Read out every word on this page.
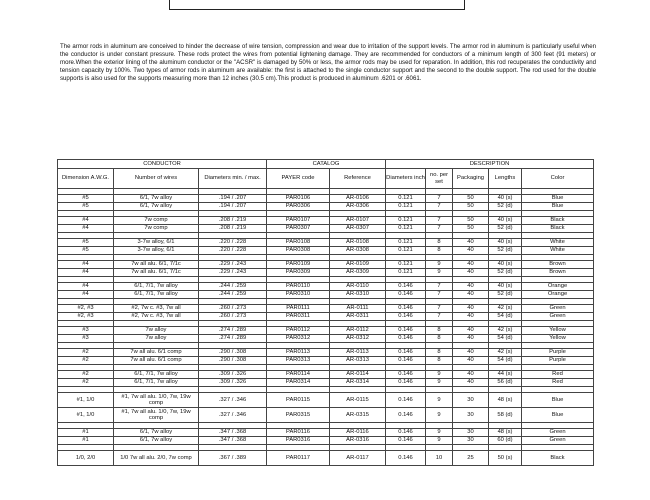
The armor rods in aluminum are conceived to hinder the decrease of wire tension, compression and wear due to irritation of the support levels. The armor rod in aluminum is particularly useful when the conductor is under constant pressure. These rods protect the wires from potential lightening damage. They are recommended for conductors of a minimum length of 300 feet (91 meters) or more.When the exterior lining of the aluminum conductor or the "ACSR" is damaged by 50% or less, the armor rods may be used for reparation. In addition, this rod recuperates the conductivity and tension capacity by 100%. Two types of armor rods in aluminum are available: the first is attached to the single conductor support and the second to the double support. The rod used for the double supports is also used for the supports measuring more than 12 inches (30.5 cm).This product is produced in aluminum .6201 or .6061.

CONDUCTOR			CATALOG		DESCRIPTION				
Dimension A.W.G.	Number of wires	Diameters min. / max.	PAYER code	Reference	Diameters inch	no. per set	Packaging	Lengths	Color

#5	6/1, 7w alloy	.194 / .207	PAR0106	AR-0106	0.121	7	50	40 (s)	Blue
#5	6/1, 7w alloy	.194 / .207	PAR0306	AR-0306	0.121	7	50	52 (d)	Blue

#4	7w comp	.208 / .219	PAR0107	AR-0107	0.121	7	50	40 (s)	Black
#4	7w comp	.208 / .219	PAR0307	AR-0307	0.121	7	50	52 (d)	Black

#5	3-7w alloy, 6/1	.220 / .228	PAR0108	AR-0108	0.121	8	40	40 (s)	White
#5	3-7w alloy, 6/1	.220 / .228	PAR0308	AR-0308	0.121	8	40	52 (d)	White

#4	7w all alu. 6/1, 7/1c	.229 / .243	PAR0109	AR-0109	0.121	9	40	40 (s)	Brown
#4	7w all alu. 6/1, 7/1c	.229 / .243	PAR0309	AR-0309	0.121	9	40	52 (d)	Brown

#4	6/1, 7/1, 7w alloy	.244 / .259	PAR0110	AR-0110	0.146	7	40	40 (s)	Orange
#4	6/1, 7/1, 7w alloy	.244 / .259	PAR0310	AR-0310	0.146	7	40	52 (d)	Orange

#2, #3	#2, 7w c. #3, 7w all	.260 / .273	PAR0111	AR-0111	0.146	7	40	42 (s)	Green
#2, #3	#2, 7w c. #3, 7w all	.260 / .273	PAR0311	AR-0311	0.146	7	40	54 (d)	Green

#3	7w alloy	.274 / .289	PAR0112	AR-0112	0.146	8	40	42 (s)	Yellow
#3	7w alloy	.274 / .289	PAR0312	AR-0312	0.146	8	40	54 (d)	Yellow

#2	7w all alu. 6/1 comp	.290 / .308	PAR0113	AR-0113	0.146	8	40	42 (s)	Purple
#2	7w all alu. 6/1 comp	.290 / .308	PAR0313	AR-0313	0.146	8	40	54 (d)	Purple

#2	6/1, 7/1, 7w alloy	.309 / .326	PAR0114	AR-0114	0.146	9	40	44 (s)	Red
#2	6/1, 7/1, 7w alloy	.309 / .326	PAR0314	AR-0314	0.146	9	40	56 (d)	Red

#1, 1/0	#1, 7w all alu. 1/0, 7w, 19w comp	.327 / .346	PAR0115	AR-0115	0.146	9	30	48 (s)	Blue
#1, 1/0	#1, 7w all alu. 1/0, 7w, 19w comp	.327 / .346	PAR0315	AR-0315	0.146	9	30	58 (d)	Blue

#1	6/1, 7w alloy	.347 / .368	PAR0116	AR-0116	0.146	9	30	48 (s)	Green
#1	6/1, 7w alloy	.347 / .368	PAR0316	AR-0316	0.146	9	30	60 (d)	Green

1/0, 2/0	1/0 7w all alu. 2/0, 7w comp	.367 / .389	PAR0117	AR-0117	0.146	10	25	50 (s)	Black
